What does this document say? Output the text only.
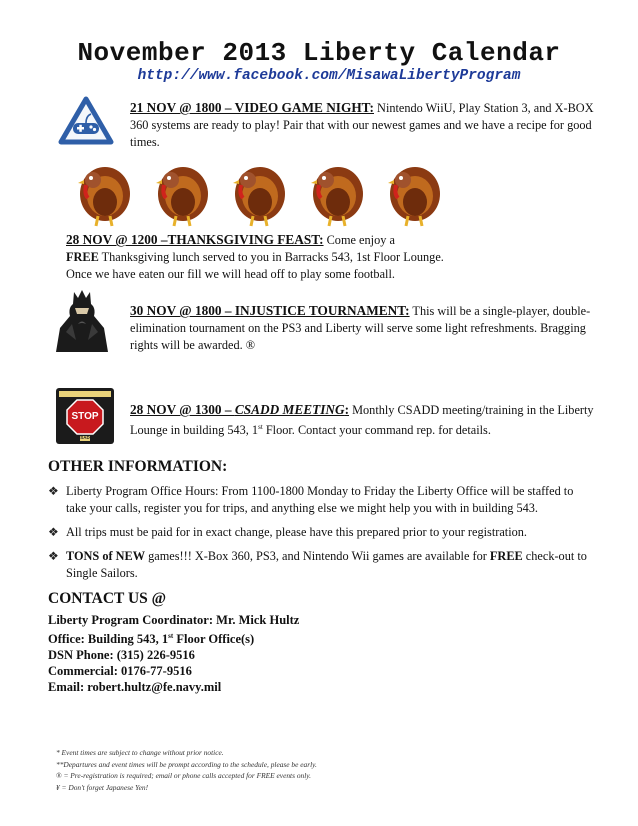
November 2013 Liberty Calendar
http://www.facebook.com/MisawaLibertyProgram
21 NOV @ 1800 – VIDEO GAME NIGHT: Nintendo WiiU, Play Station 3, and X-BOX 360 systems are ready to play! Pair that with our newest games and we have a recipe for good times.
28 NOV @ 1200 –THANKSGIVING FEAST: Come enjoy a
FREE Thanksgiving lunch served to you in Barracks 543, 1st Floor Lounge. Once we have eaten our fill we will head off to play some football.
30 NOV @ 1800 – INJUSTICE TOURNAMENT: This will be a single-player, double-elimination tournament on the PS3 and Liberty will serve some light refreshments. Bragging rights will be awarded. ®
STOP
CSADD
28 NOV @ 1300 – CSADD MEETING: Monthly CSADD meeting/training in the Liberty Lounge in building 543, 1st Floor. Contact your command rep. for details.
OTHER INFORMATION:
❖ Liberty Program Office Hours: From 1100-1800 Monday to Friday the Liberty Office will be staffed to take your calls, register you for trips, and anything else we might help you with in building 543.
❖ All trips must be paid for in exact change, please have this prepared prior to your registration.
❖ TONS of NEW games!!! X-Box 360, PS3, and Nintendo Wii games are available for FREE check-out to Single Sailors.
CONTACT US @
Liberty Program Coordinator: Mr. Mick Hultz
Office: Building 543, 1st Floor Office(s)
DSN Phone: (315) 226-9516
Commercial: 0176-77-9516
Email: robert.hultz@fe.navy.mil
* Event times are subject to change without prior notice.
**Departures and event times will be prompt according to the schedule, please be early.
® = Pre-registration is required; email or phone calls accepted for FREE events only.
¥ = Don't forget Japanese Yen!
